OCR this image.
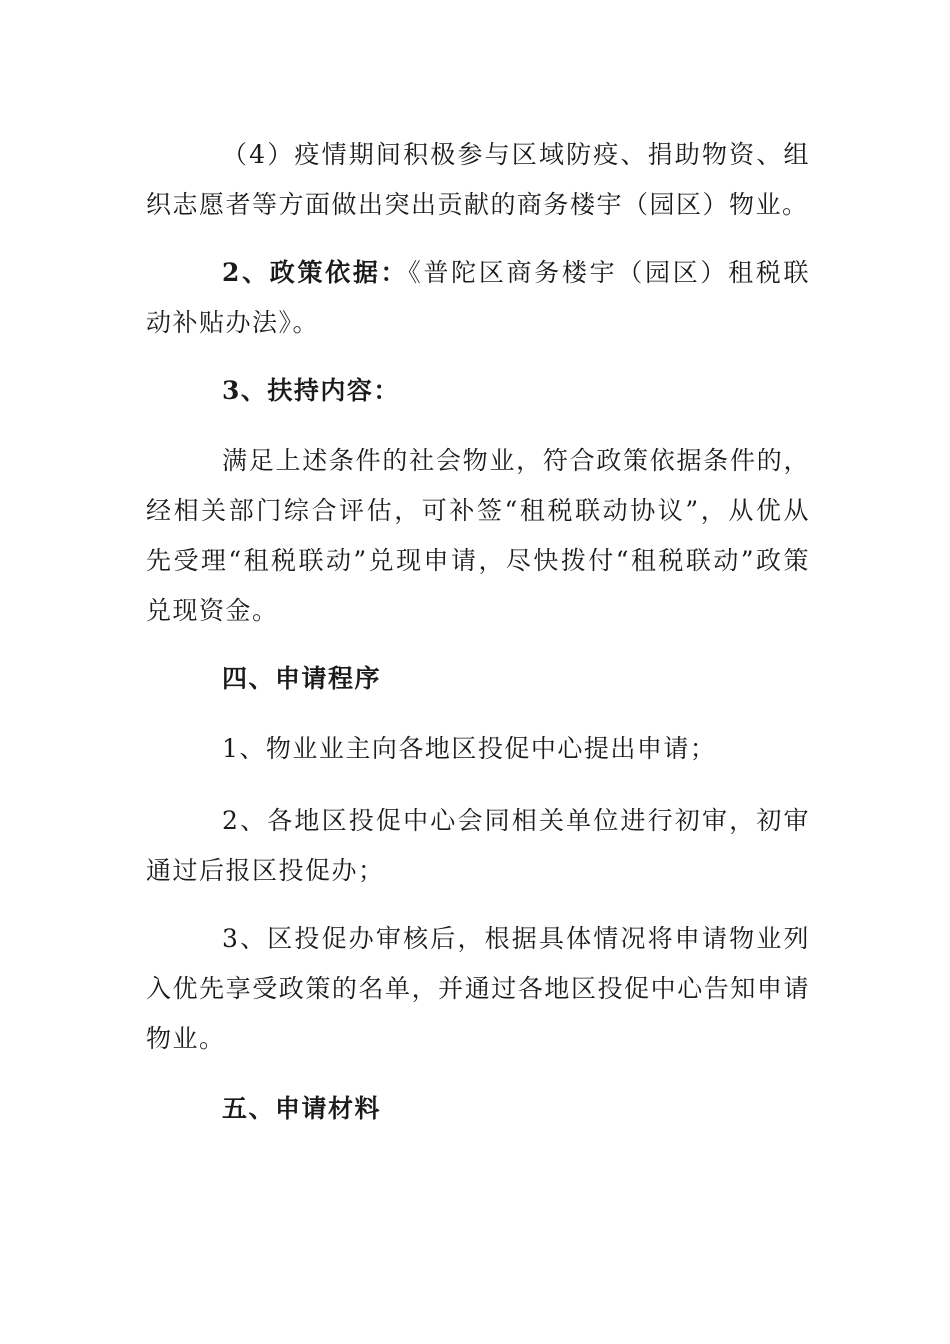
（4）疫情期间积极参与区域防疫、捐助物资、组织志愿者等方面做出突出贡献的商务楼宇（园区）物业。

2、政策依据：《普陀区商务楼宇（园区）租税联动补贴办法》。

3、扶持内容：

满足上述条件的社会物业，符合政策依据条件的，经相关部门综合评估，可补签“租税联动协议”，从优从先受理“租税联动”兑现申请，尽快拨付“租税联动”政策兑现资金。

四、申请程序

1、物业业主向各地区投促中心提出申请；

2、各地区投促中心会同相关单位进行初审，初审通过后报区投促办；

3、区投促办审核后，根据具体情况将申请物业列入优先享受政策的名单，并通过各地区投促中心告知申请物业。

五、申请材料
